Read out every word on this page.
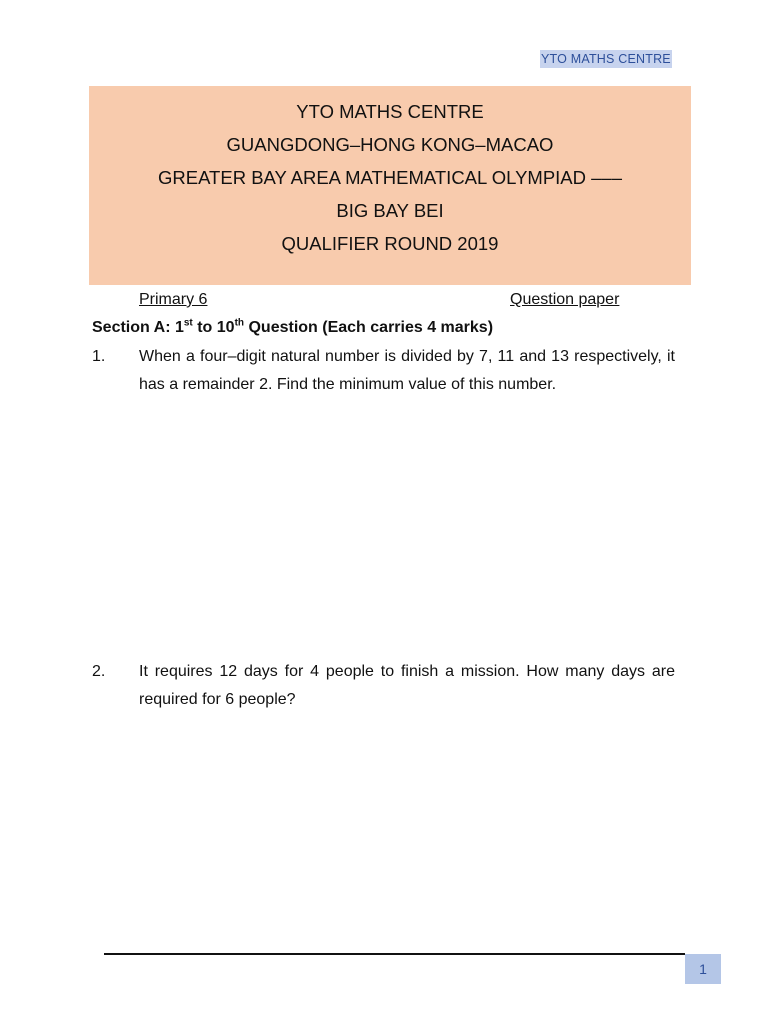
YTO MATHS CENTRE
YTO MATHS CENTRE
GUANGDONG–HONG KONG–MACAO
GREATER BAY AREA MATHEMATICAL OLYMPIAD –––
BIG BAY BEI
QUALIFIER ROUND 2019
Primary 6	Question paper
Section A: 1st to 10th Question (Each carries 4 marks)
1. When a four–digit natural number is divided by 7, 11 and 13 respectively, it has a remainder 2. Find the minimum value of this number.
2. It requires 12 days for 4 people to finish a mission. How many days are required for 6 people?
1
